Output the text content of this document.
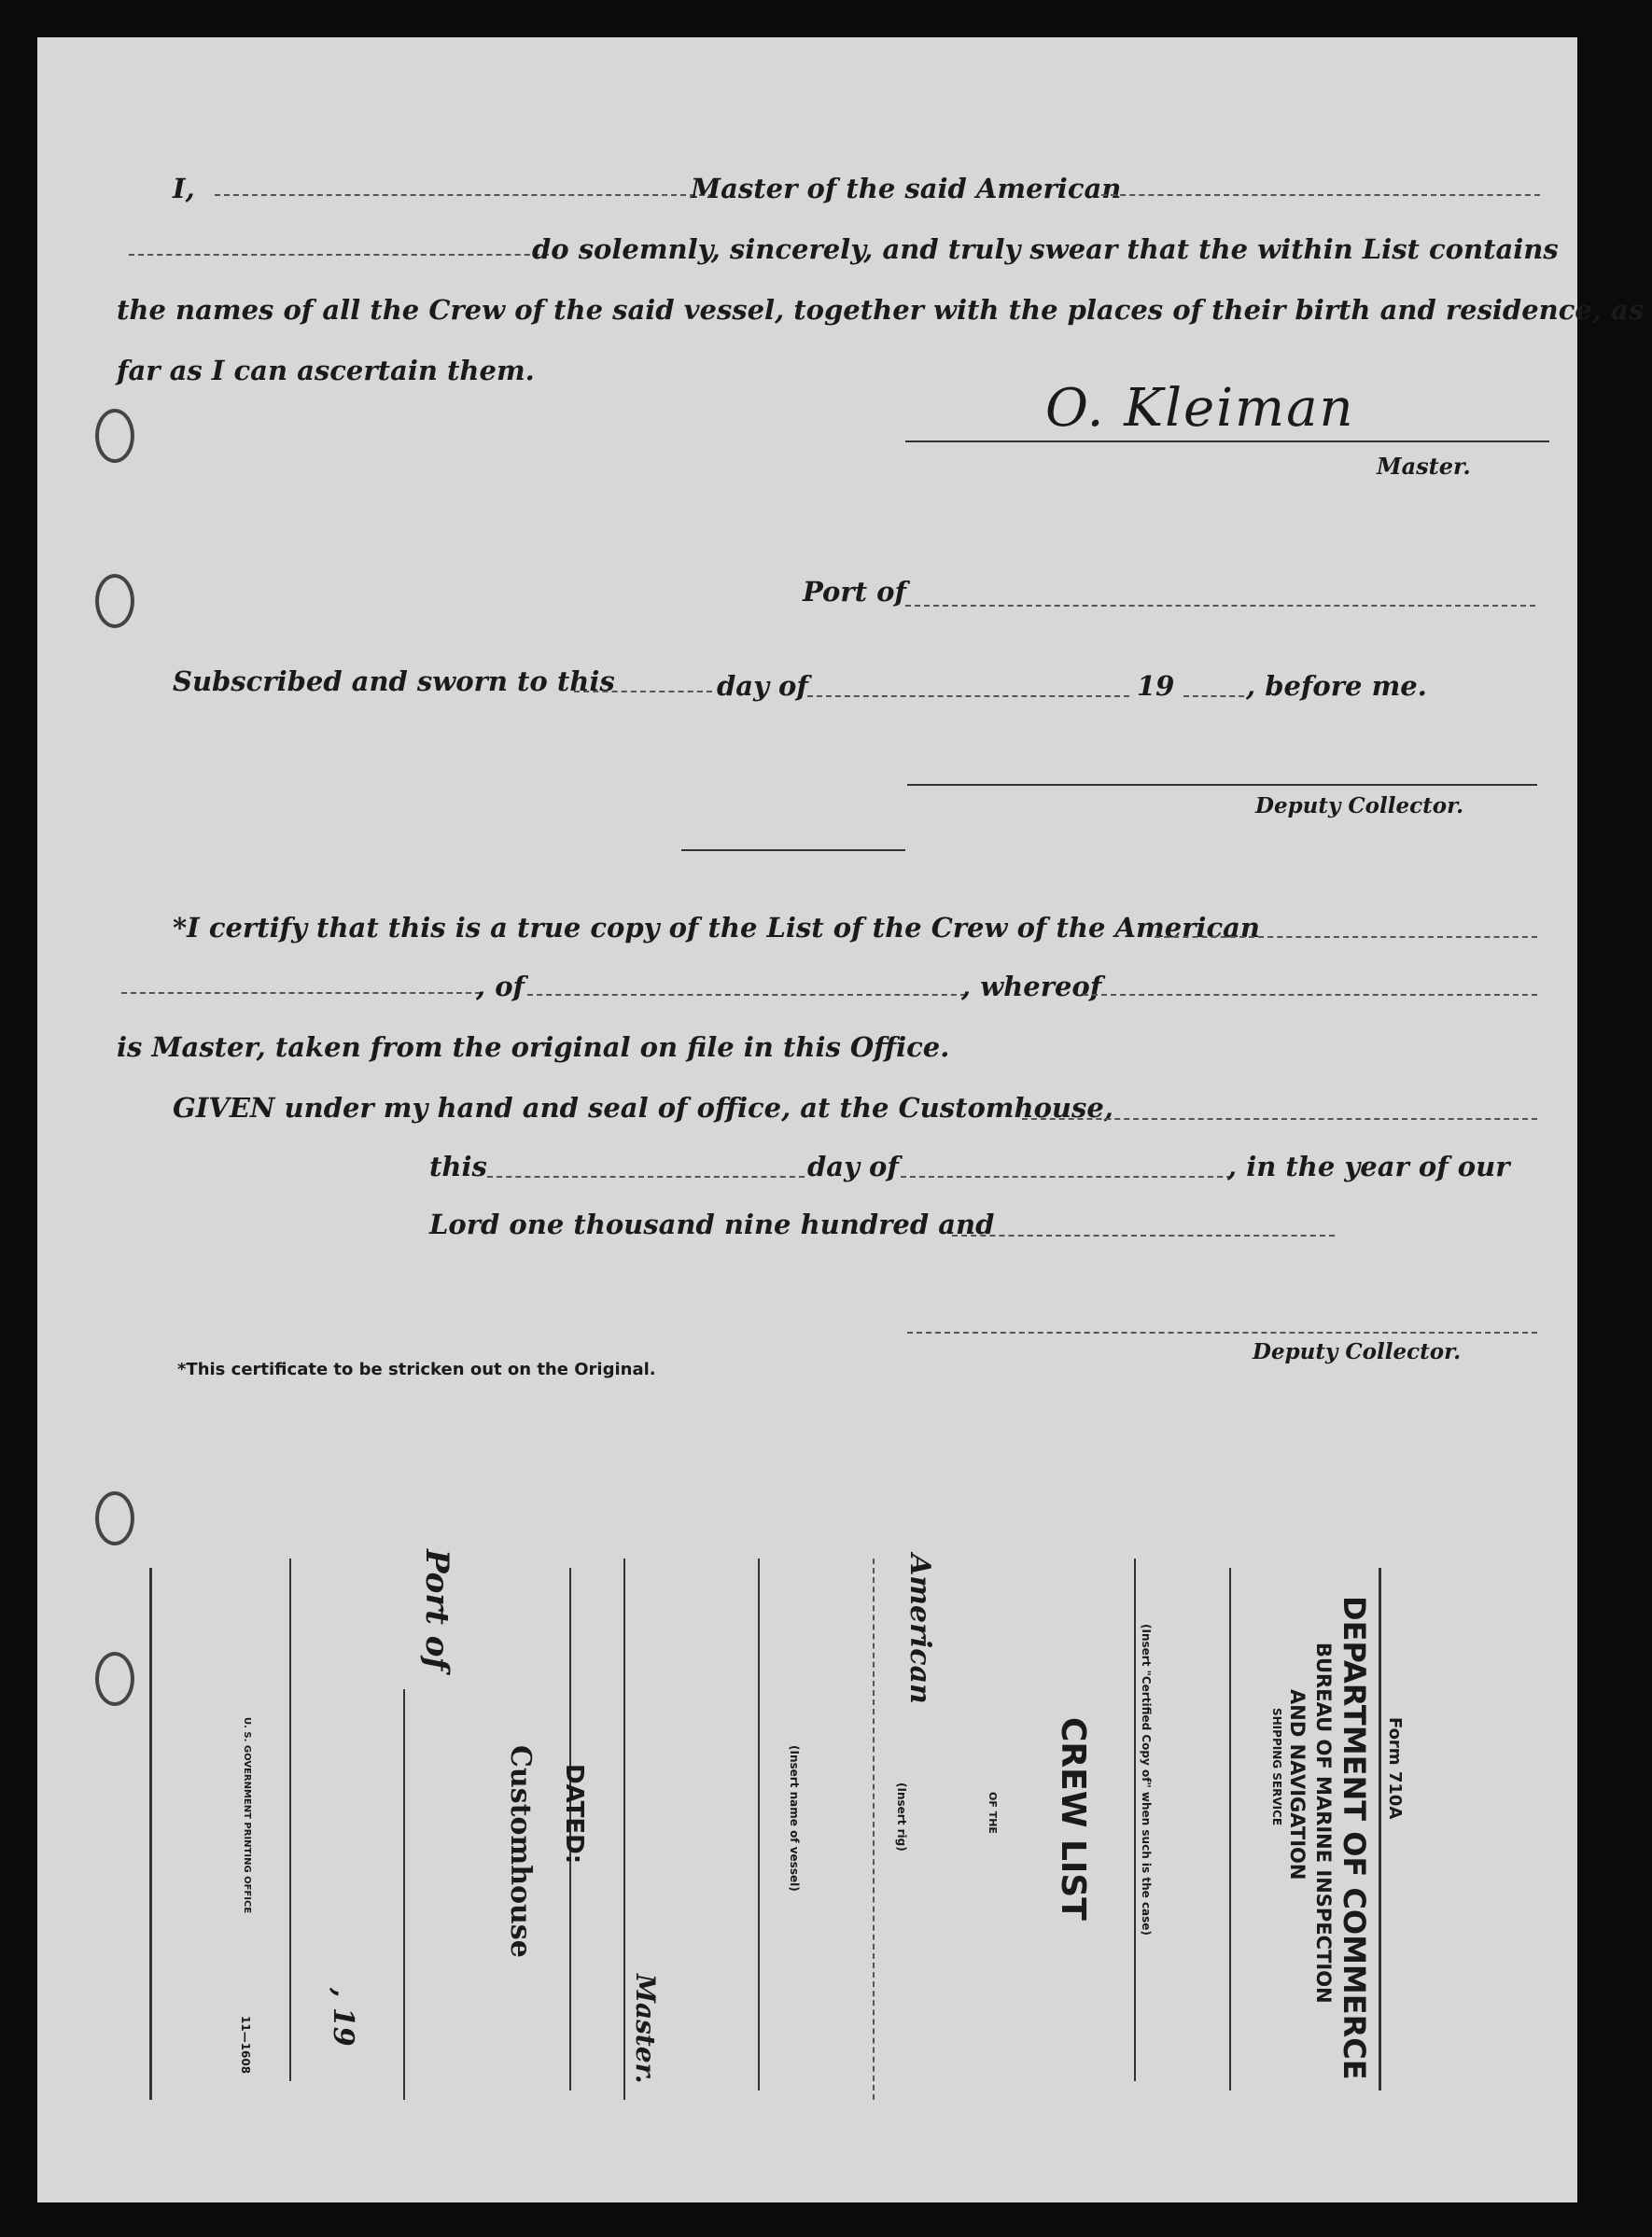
I,	Master of the said American
do solemnly, sincerely, and truly swear that the within List contains
the names of all the Crew of the said vessel, together with the places of their birth and residence, as
far as I can ascertain them.
O. Kleiman
Master.
Port of
Subscribed and sworn to this	day of	19	, before me.
Deputy Collector.
*I certify that this is a true copy of the List of the Crew of the American
, of	, whereof
is Master, taken from the original on file in this Office.
GIVEN under my hand and seal of office, at the Customhouse,
this	day of	, in the year of our
Lord one thousand nine hundred and
Deputy Collector.
*This certificate to be stricken out on the Original.
Form 710A
DEPARTMENT OF COMMERCE
BUREAU OF MARINE INSPECTION
AND NAVIGATION
SHIPPING SERVICE
(Insert "Certified Copy of" when such is the case)
CREW LIST
OF THE
(Insert rig)
American
(Insert name of vessel)
Master.
DATED:
Customhouse
Port of
, 19
U. S. GOVERNMENT PRINTING OFFICE
11—1608
